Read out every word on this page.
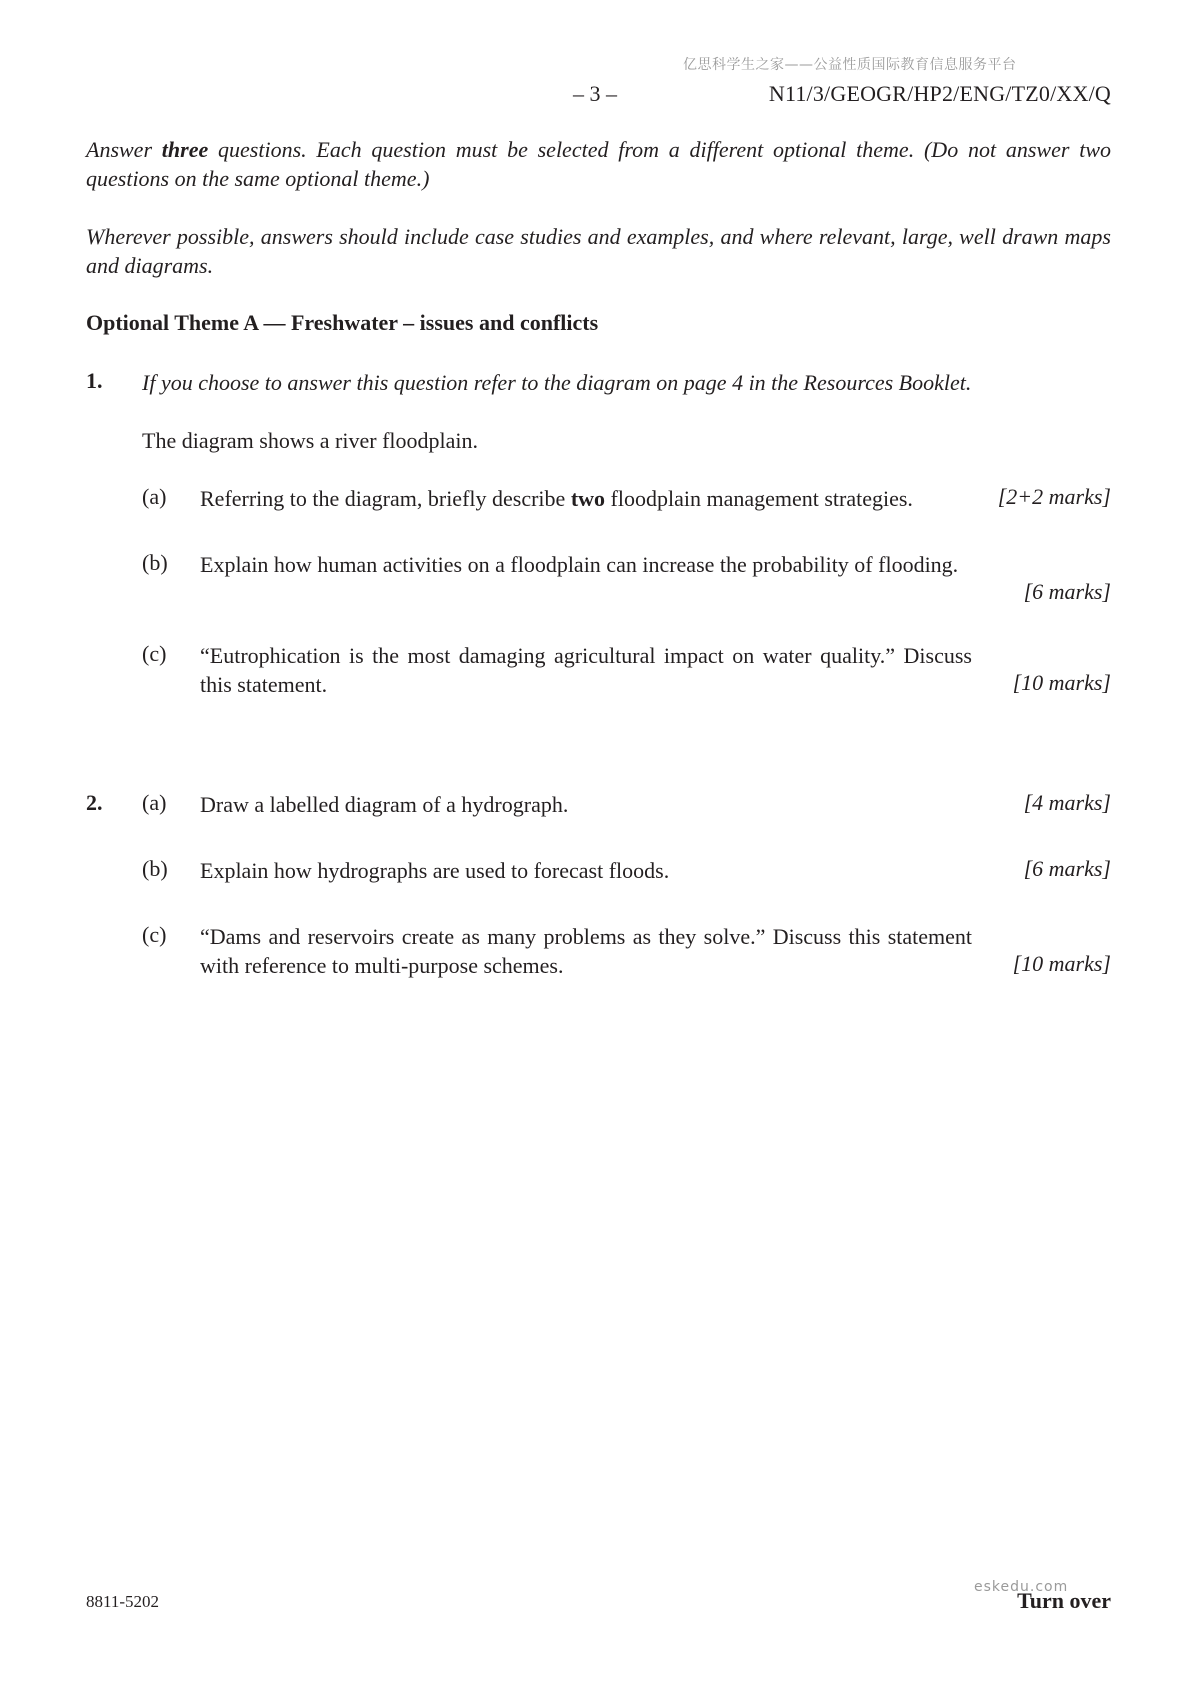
亿思科学生之家——公益性质国际教育信息服务平台
– 3 –	N11/3/GEOGR/HP2/ENG/TZ0/XX/Q
Answer three questions. Each question must be selected from a different optional theme. (Do not answer two questions on the same optional theme.)
Wherever possible, answers should include case studies and examples, and where relevant, large, well drawn maps and diagrams.
Optional Theme A — Freshwater – issues and conflicts
1. If you choose to answer this question refer to the diagram on page 4 in the Resources Booklet.
The diagram shows a river floodplain.
(a) Referring to the diagram, briefly describe two floodplain management strategies.	[2+2 marks]
(b) Explain how human activities on a floodplain can increase the probability of flooding.
[6 marks]
(c) “Eutrophication is the most damaging agricultural impact on water quality.” Discuss this statement.	[10 marks]
2. (a) Draw a labelled diagram of a hydrograph.	[4 marks]
(b) Explain how hydrographs are used to forecast floods.	[6 marks]
(c) “Dams and reservoirs create as many problems as they solve.” Discuss this statement with reference to multi-purpose schemes.	[10 marks]
8811-5202	Turn over
eskedu.com
